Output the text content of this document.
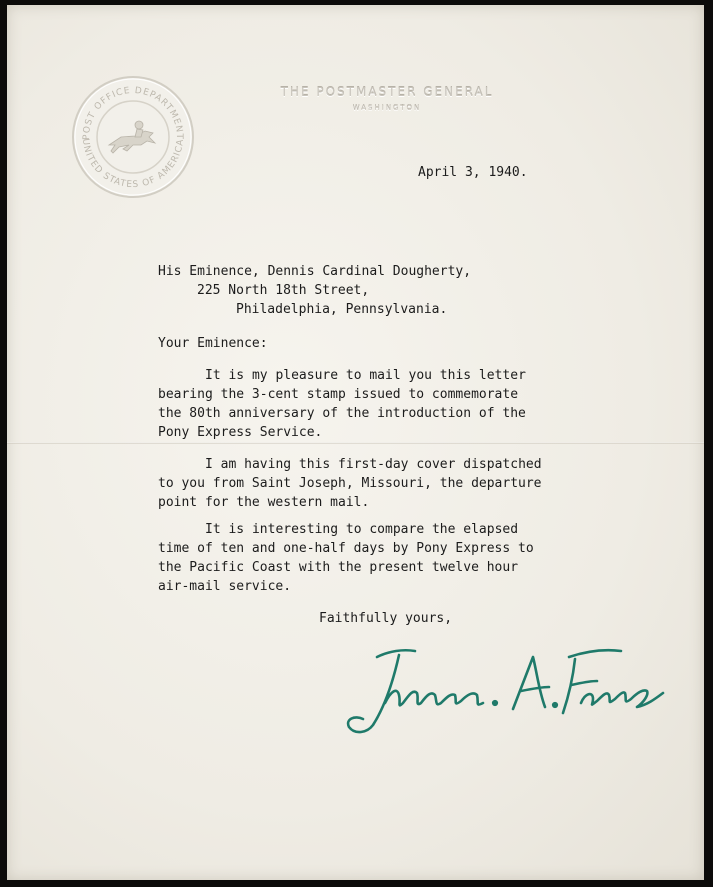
POST OFFICE DEPARTMENT
UNITED STATES OF AMERICA
THE POSTMASTER GENERAL
WASHINGTON
April 3, 1940.
His Eminence, Dennis Cardinal Dougherty,
225 North 18th Street,
Philadelphia, Pennsylvania.
Your Eminence:
It is my pleasure to mail you this letter
bearing the 3-cent stamp issued to commemorate
the 80th anniversary of the introduction of the
Pony Express Service.
I am having this first-day cover dispatched
to you from Saint Joseph, Missouri, the departure
point for the western mail.
It is interesting to compare the elapsed
time of ten and one-half days by Pony Express to
the Pacific Coast with the present twelve hour
air-mail service.
Faithfully yours,
